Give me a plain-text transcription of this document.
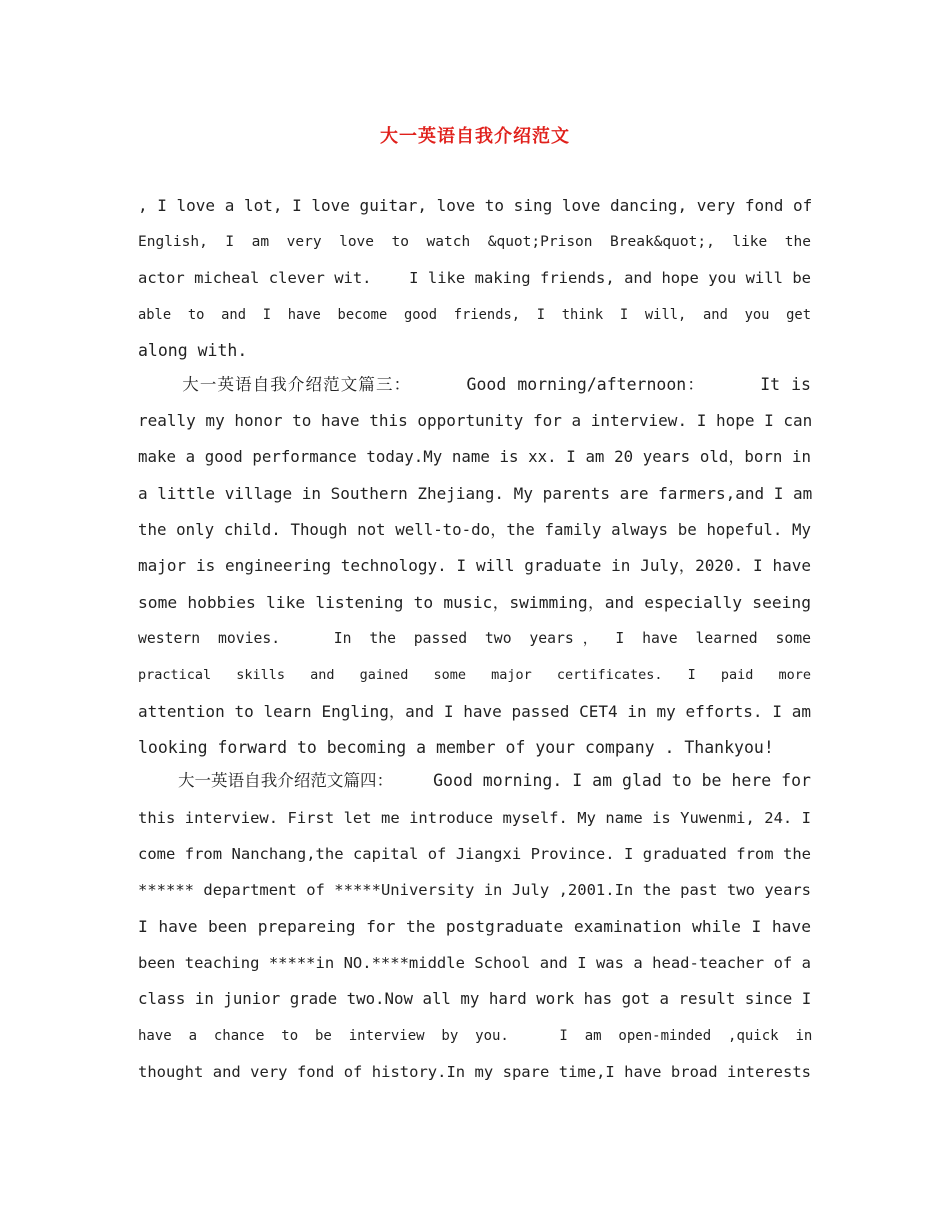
大一英语自我介绍范文
, I love a lot, I love guitar, love to sing love dancing, very fond of
English,  I  am  very  love  to  watch  &quot;Prison  Break&quot;,  like  the
actor micheal clever wit.    I like making friends, and hope you will be
able  to  and  I  have  become  good  friends,  I  think  I  will,  and  you  get
along with.
大一英语自我介绍范文篇三：     Good morning/afternoon：     It is
really my honor to have this opportunity for a interview. I hope I can
make a good performance today.My name is xx. I am 20 years old，born in
a little village in Southern Zhejiang. My parents are farmers,and I am
the only child. Though not well-to-do，the family always be hopeful. My
major is engineering technology. I will graduate in July，2020. I have
some hobbies like listening to music，swimming，and especially seeing
western  movies.      In  the  passed  two  years ，  I  have  learned  some
practical   skills   and   gained   some   major   certificates.   I   paid   more
attention to learn Engling，and I have passed CET4 in my efforts. I am
looking forward to becoming a member of your company . Thankyou!
大一英语自我介绍范文篇四：    Good morning. I am glad to be here for
this interview. First let me introduce myself. My name is Yuwenmi, 24. I
come from Nanchang,the capital of Jiangxi Province. I graduated from the
****** department of *****University in July ,2001.In the past two years
I have been prepareing for the postgraduate examination while I have
been teaching *****in NO.****middle School and I was a head-teacher of a
class in junior grade two.Now all my hard work has got a result since I
have  a  chance  to  be  interview  by  you.      I  am  open-minded  ,quick  in
thought and very fond of history.In my spare time,I have broad interests
